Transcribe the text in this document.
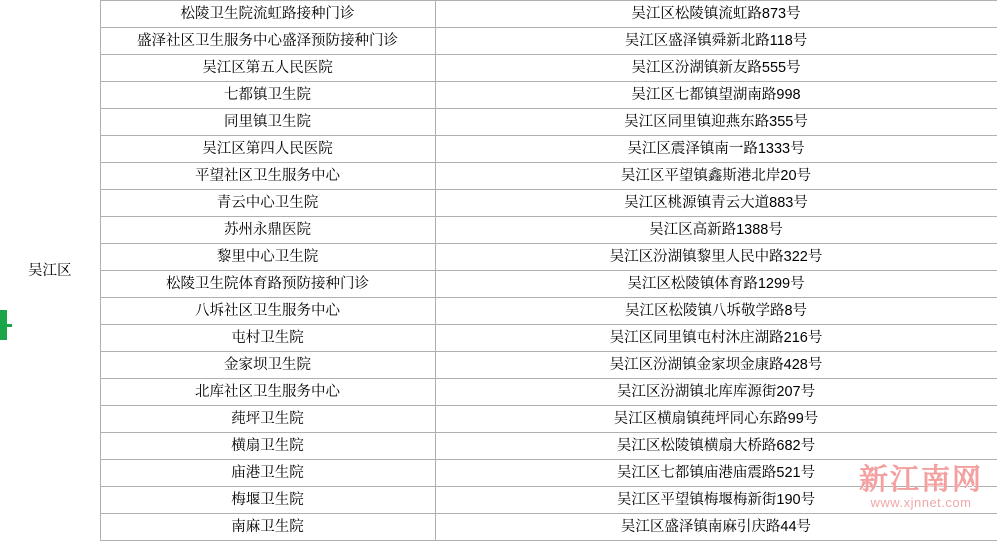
吴江区	松陵卫生院流虹路接种门诊	吴江区松陵镇流虹路873号
	盛泽社区卫生服务中心盛泽预防接种门诊	吴江区盛泽镇舜新北路118号
	吴江区第五人民医院	吴江区汾湖镇新友路555号
	七都镇卫生院	吴江区七都镇望湖南路998
	同里镇卫生院	吴江区同里镇迎燕东路355号
	吴江区第四人民医院	吴江区震泽镇南一路1333号
	平望社区卫生服务中心	吴江区平望镇鑫斯港北岸20号
	青云中心卫生院	吴江区桃源镇青云大道883号
	苏州永鼎医院	吴江区高新路1388号
	黎里中心卫生院	吴江区汾湖镇黎里人民中路322号
	松陵卫生院体育路预防接种门诊	吴江区松陵镇体育路1299号
	八坼社区卫生服务中心	吴江区松陵镇八坼敬学路8号
	屯村卫生院	吴江区同里镇屯村沐庄湖路216号
	金家坝卫生院	吴江区汾湖镇金家坝金康路428号
	北库社区卫生服务中心	吴江区汾湖镇北库库源街207号
	莼坪卫生院	吴江区横扇镇莼坪同心东路99号
	横扇卫生院	吴江区松陵镇横扇大桥路682号
	庙港卫生院	吴江区七都镇庙港庙震路521号
	梅堰卫生院	吴江区平望镇梅堰梅新街190号
	南麻卫生院	吴江区盛泽镇南麻引庆路44号
新江南网
www.xjnnet.com
